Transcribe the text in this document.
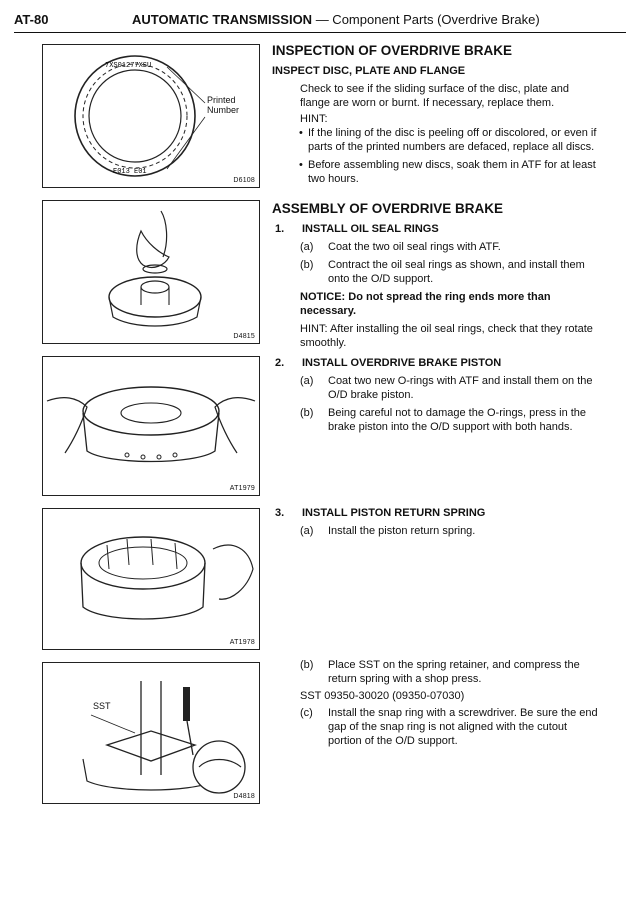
AT-80	AUTOMATIC TRANSMISSION — Component Parts (Overdrive Brake)
7XS01277XSU
E013 E01
Printed
Number
D6108
D4815
AT1979
AT1978
SST
D4818
INSPECTION OF OVERDRIVE BRAKE
INSPECT DISC, PLATE AND FLANGE

Check to see if the sliding surface of the disc, plate and flange are worn or burnt. If necessary, replace them.

HINT:

• If the lining of the disc is peeling off or discolored, or even if parts of the printed numbers are defaced, replace all discs.
• Before assembling new discs, soak them in ATF for at least two hours.
ASSEMBLY OF OVERDRIVE BRAKE
1. INSTALL OIL SEAL RINGS
(a) Coat the two oil seal rings with ATF.
(b) Contract the oil seal rings as shown, and install them onto the O/D support.

NOTICE: Do not spread the ring ends more than necessary.

HINT: After installing the oil seal rings, check that they rotate smoothly.

2. INSTALL OVERDRIVE BRAKE PISTON
(a) Coat two new O-rings with ATF and install them on the O/D brake piston.
(b) Being careful not to damage the O-rings, press in the brake piston into the O/D support with both hands.
3. INSTALL PISTON RETURN SPRING
(a) Install the piston return spring.
(b) Place SST on the spring retainer, and compress the return spring with a shop press.

SST 09350-30020 (09350-07030)

(c) Install the snap ring with a screwdriver. Be sure the end gap of the snap ring is not aligned with the cutout portion of the O/D support.
